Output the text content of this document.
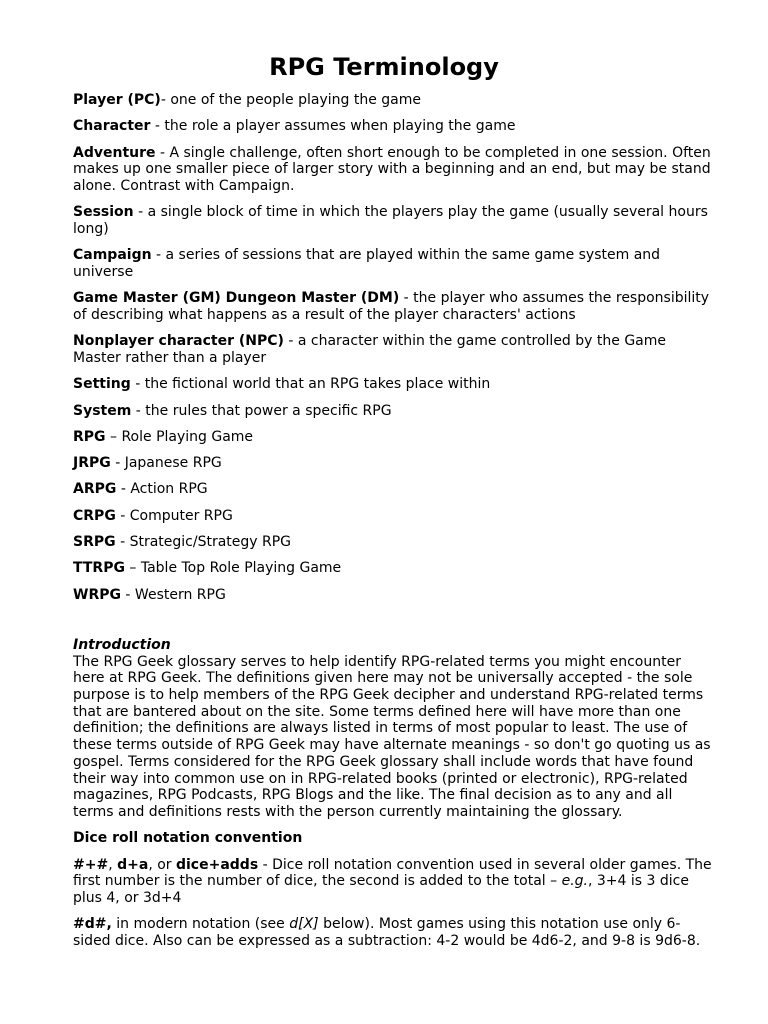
RPG Terminology

Player (PC)- one of the people playing the game

Character - the role a player assumes when playing the game

Adventure - A single challenge, often short enough to be completed in one session. Often makes up one smaller piece of larger story with a beginning and an end, but may be stand alone. Contrast with Campaign.

Session - a single block of time in which the players play the game (usually several hours long)

Campaign - a series of sessions that are played within the same game system and universe

Game Master (GM) Dungeon Master (DM) - the player who assumes the responsibility of describing what happens as a result of the player characters' actions

Nonplayer character (NPC) - a character within the game controlled by the Game Master rather than a player

Setting - the fictional world that an RPG takes place within

System - the rules that power a specific RPG

RPG – Role Playing Game

JRPG - Japanese RPG

ARPG - Action RPG

CRPG - Computer RPG

SRPG - Strategic/Strategy RPG

TTRPG – Table Top Role Playing Game

WRPG - Western RPG

Introduction

The RPG Geek glossary serves to help identify RPG-related terms you might encounter here at RPG Geek. The definitions given here may not be universally accepted - the sole purpose is to help members of the RPG Geek decipher and understand RPG-related terms that are bantered about on the site. Some terms defined here will have more than one definition; the definitions are always listed in terms of most popular to least. The use of these terms outside of RPG Geek may have alternate meanings - so don't go quoting us as gospel. Terms considered for the RPG Geek glossary shall include words that have found their way into common use on in RPG-related books (printed or electronic), RPG-related magazines, RPG Podcasts, RPG Blogs and the like. The final decision as to any and all terms and definitions rests with the person currently maintaining the glossary.

Dice roll notation convention

#+#, d+a, or dice+adds - Dice roll notation convention used in several older games. The first number is the number of dice, the second is added to the total – e.g., 3+4 is 3 dice plus 4, or 3d+4

#d#, in modern notation (see d[X] below). Most games using this notation use only 6-sided dice. Also can be expressed as a subtraction: 4-2 would be 4d6-2, and 9-8 is 9d6-8.
